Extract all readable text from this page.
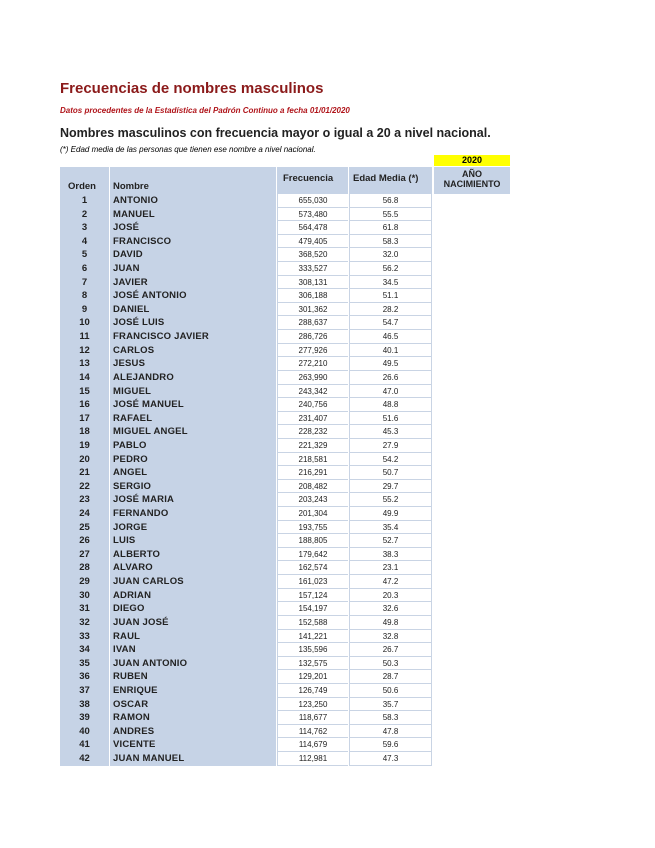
Frecuencias de nombres masculinos
Datos procedentes de la Estadística del Padrón Continuo a fecha 01/01/2020
Nombres masculinos con frecuencia mayor o igual a 20 a nivel nacional.
(*) Edad media de las personas que tienen ese nombre a nivel nacional.
2020
AÑO
NACIMIENTO
Orden Nombre
Frecuencia Edad Media (*)
1	ANTONIO	655,030	56.8
2	MANUEL	573,480	55.5
3	JOSÉ	564,478	61.8
4	FRANCISCO	479,405	58.3
5	DAVID	368,520	32.0
6	JUAN	333,527	56.2
7	JAVIER	308,131	34.5
8	JOSÉ ANTONIO	306,188	51.1
9	DANIEL	301,362	28.2
10	JOSÉ LUIS	288,637	54.7
11	FRANCISCO JAVIER	286,726	46.5
12	CARLOS	277,926	40.1
13	JESUS	272,210	49.5
14	ALEJANDRO	263,990	26.6
15	MIGUEL	243,342	47.0
16	JOSÉ MANUEL	240,756	48.8
17	RAFAEL	231,407	51.6
18	MIGUEL ANGEL	228,232	45.3
19	PABLO	221,329	27.9
20	PEDRO	218,581	54.2
21	ANGEL	216,291	50.7
22	SERGIO	208,482	29.7
23	JOSÉ MARIA	203,243	55.2
24	FERNANDO	201,304	49.9
25	JORGE	193,755	35.4
26	LUIS	188,805	52.7
27	ALBERTO	179,642	38.3
28	ALVARO	162,574	23.1
29	JUAN CARLOS	161,023	47.2
30	ADRIAN	157,124	20.3
31	DIEGO	154,197	32.6
32	JUAN JOSÉ	152,588	49.8
33	RAUL	141,221	32.8
34	IVAN	135,596	26.7
35	JUAN ANTONIO	132,575	50.3
36	RUBEN	129,201	28.7
37	ENRIQUE	126,749	50.6
38	OSCAR	123,250	35.7
39	RAMON	118,677	58.3
40	ANDRES	114,762	47.8
41	VICENTE	114,679	59.6
42	JUAN MANUEL	112,981	47.3
